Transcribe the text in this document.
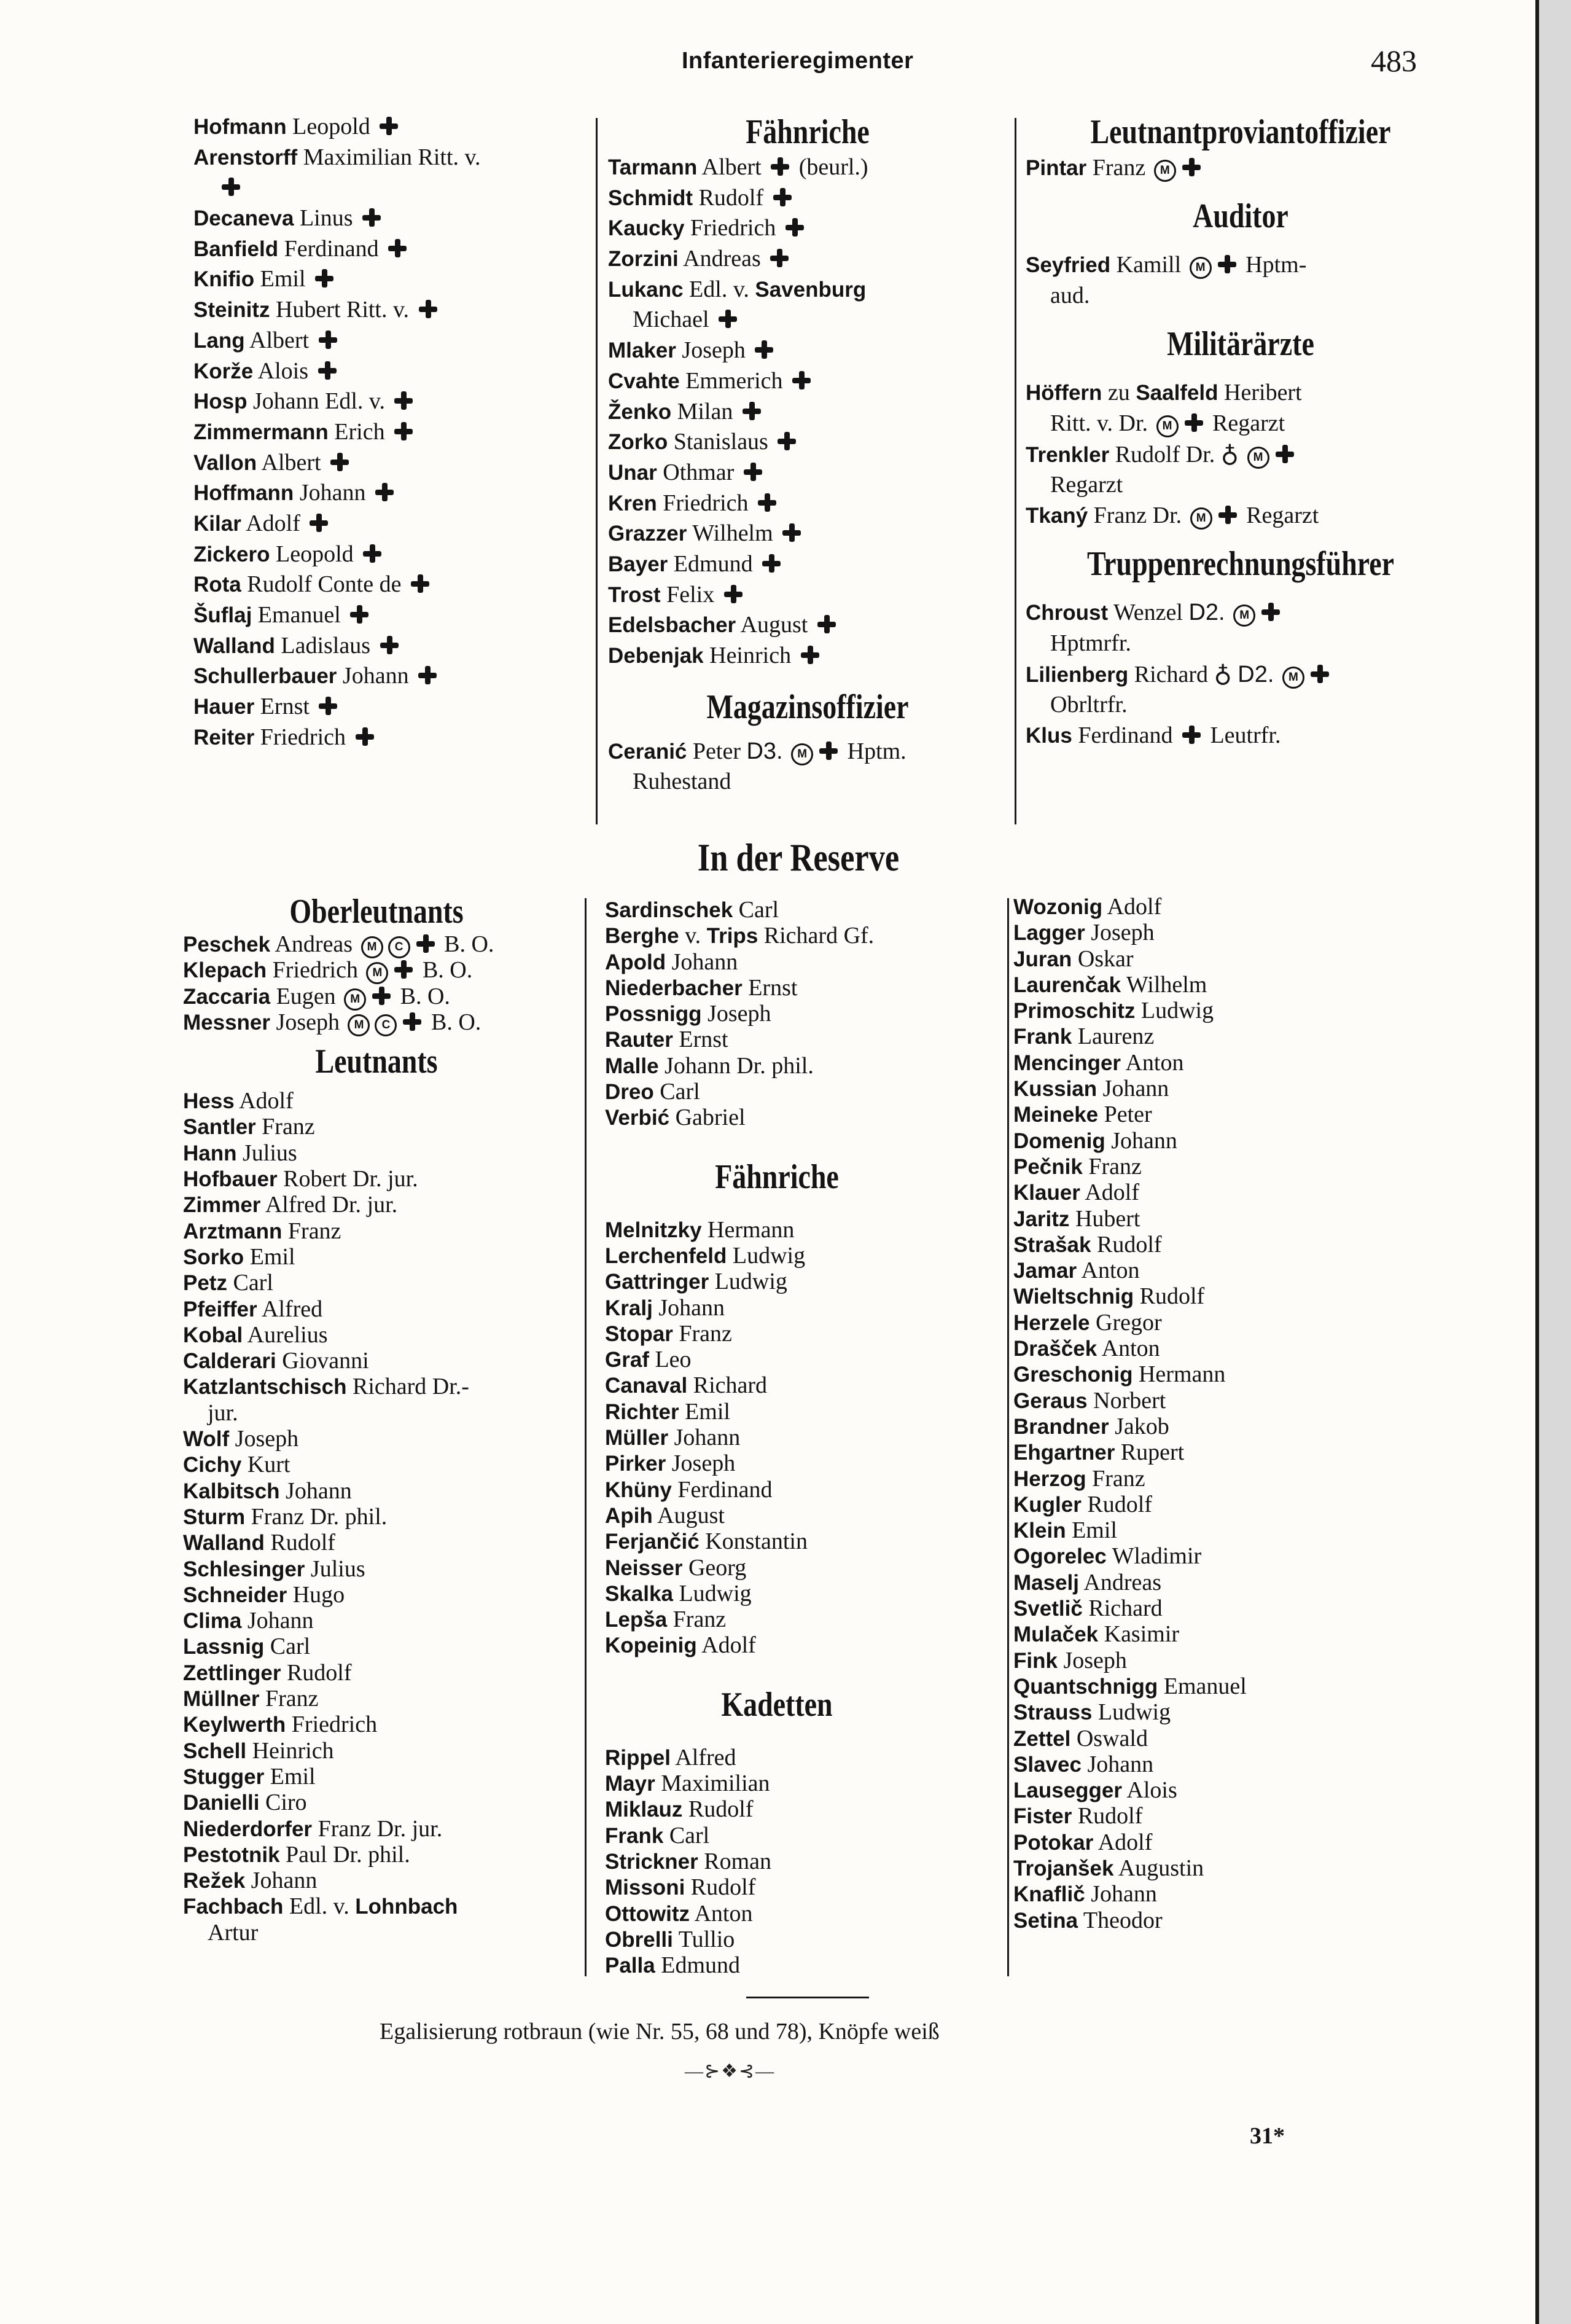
Infanterieregimenter	483
Hofmann Leopold
Arenstorff Maximilian Ritt. v.
Decaneva Linus
Banfield Ferdinand
Knifio Emil
Steinitz Hubert Ritt. v.
Lang Albert
Korže Alois
Hosp Johann Edl. v.
Zimmermann Erich
Vallon Albert
Hoffmann Johann
Kilar Adolf
Zickero Leopold
Rota Rudolf Conte de
Šuflaj Emanuel
Walland Ladislaus
Schullerbauer Johann
Hauer Ernst
Reiter Friedrich
Fähnriche
Tarmann Albert (beurl.)
Schmidt Rudolf
Kaucky Friedrich
Zorzini Andreas
Lukanc Edl. v. Savenburg
Michael
Mlaker Joseph
Cvahte Emmerich
Ženko Milan
Zorko Stanislaus
Unar Othmar
Kren Friedrich
Grazzer Wilhelm
Bayer Edmund
Trost Felix
Edelsbacher August
Debenjak Heinrich
Magazinsoffizier
Ceranić Peter D3. M Hptm.
Ruhestand
Leutnantproviantoffizier
Pintar Franz M
Auditor
Seyfried Kamill M Hptm-
aud.
Militärärzte
Höffern zu Saalfeld Heribert
Ritt. v. Dr. M Regarzt
Trenkler Rudolf Dr. ♁ M
Regarzt
Tkaný Franz Dr. M Regarzt
Truppenrechnungsführer
Chroust Wenzel D2. M
Hptmrfr.
Lilienberg Richard ♁ D2. M
Obrltrfr.
Klus Ferdinand Leutrfr.
In der Reserve
Oberleutnants
Peschek Andreas M C B. O.
Klepach Friedrich M B. O.
Zaccaria Eugen M B. O.
Messner Joseph M C B. O.
Leutnants
Hess Adolf
Santler Franz
Hann Julius
Hofbauer Robert Dr. jur.
Zimmer Alfred Dr. jur.
Arztmann Franz
Sorko Emil
Petz Carl
Pfeiffer Alfred
Kobal Aurelius
Calderari Giovanni
Katzlantschisch Richard Dr.-
jur.
Wolf Joseph
Cichy Kurt
Kalbitsch Johann
Sturm Franz Dr. phil.
Walland Rudolf
Schlesinger Julius
Schneider Hugo
Clima Johann
Lassnig Carl
Zettlinger Rudolf
Müllner Franz
Keylwerth Friedrich
Schell Heinrich
Stugger Emil
Danielli Ciro
Niederdorfer Franz Dr. jur.
Pestotnik Paul Dr. phil.
Režek Johann
Fachbach Edl. v. Lohnbach
Artur
Sardinschek Carl
Berghe v. Trips Richard Gf.
Apold Johann
Niederbacher Ernst
Possnigg Joseph
Rauter Ernst
Malle Johann Dr. phil.
Dreo Carl
Verbić Gabriel
Fähnriche
Melnitzky Hermann
Lerchenfeld Ludwig
Gattringer Ludwig
Kralj Johann
Stopar Franz
Graf Leo
Canaval Richard
Richter Emil
Müller Johann
Pirker Joseph
Khüny Ferdinand
Apih August
Ferjančić Konstantin
Neisser Georg
Skalka Ludwig
Lepša Franz
Kopeinig Adolf
Kadetten
Rippel Alfred
Mayr Maximilian
Miklauz Rudolf
Frank Carl
Strickner Roman
Missoni Rudolf
Ottowitz Anton
Obrelli Tullio
Palla Edmund
Wozonig Adolf
Lagger Joseph
Juran Oskar
Laurenčak Wilhelm
Primoschitz Ludwig
Frank Laurenz
Mencinger Anton
Kussian Johann
Meineke Peter
Domenig Johann
Pečnik Franz
Klauer Adolf
Jaritz Hubert
Strašak Rudolf
Jamar Anton
Wieltschnig Rudolf
Herzele Gregor
Drašček Anton
Greschonig Hermann
Geraus Norbert
Brandner Jakob
Ehgartner Rupert
Herzog Franz
Kugler Rudolf
Klein Emil
Ogorelec Wladimir
Maselj Andreas
Svetlič Richard
Mulaček Kasimir
Fink Joseph
Quantschnigg Emanuel
Strauss Ludwig
Zettel Oswald
Slavec Johann
Lausegger Alois
Fister Rudolf
Potokar Adolf
Trojanšek Augustin
Knaflič Johann
Setina Theodor
Egalisierung rotbraun (wie Nr. 55, 68 und 78), Knöpfe weiß
—⊱❖⊰—
31*
